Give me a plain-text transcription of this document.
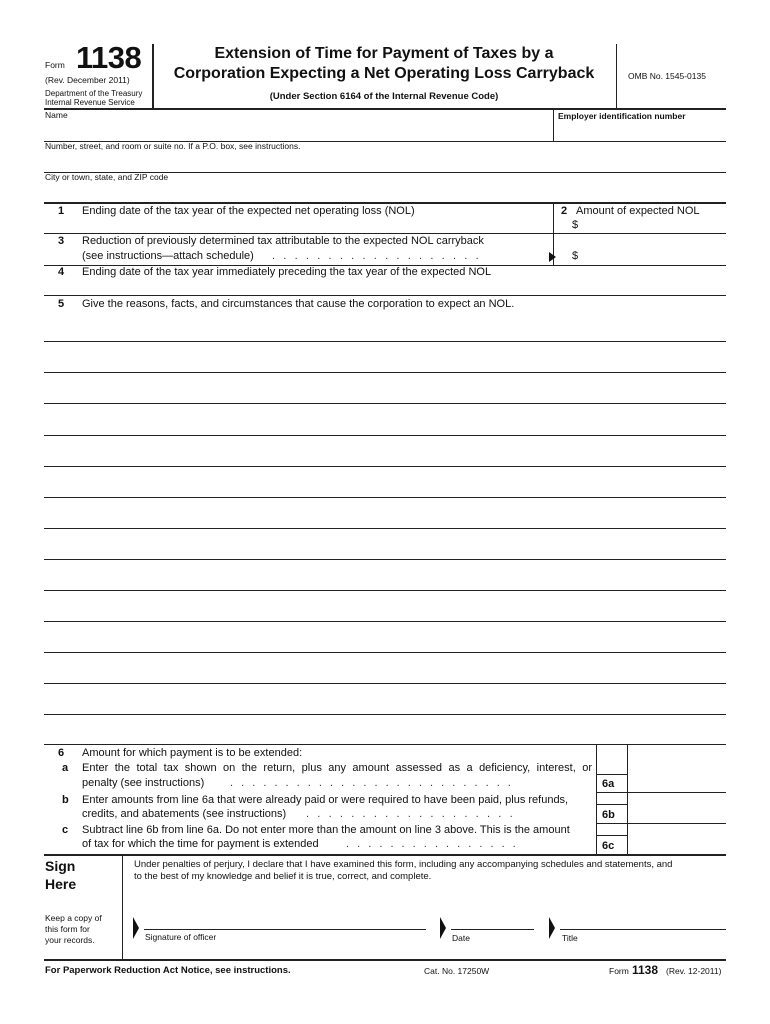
Form 1138
(Rev. December 2011)
Department of the Treasury
Internal Revenue Service
Extension of Time for Payment of Taxes by a
Corporation Expecting a Net Operating Loss Carryback
(Under Section 6164 of the Internal Revenue Code)
OMB No. 1545-0135
Name	Employer identification number
Number, street, and room or suite no. If a P.O. box, see instructions.
City or town, state, and ZIP code
1 Ending date of the tax year of the expected net operating loss (NOL)	2 Amount of expected NOL
$
3 Reduction of previously determined tax attributable to the expected NOL carryback
(see instructions—attach schedule) . . . . . . . . . . . . . . . . . . .	$
4 Ending date of the tax year immediately preceding the tax year of the expected NOL
5 Give the reasons, facts, and circumstances that cause the corporation to expect an NOL.
6 Amount for which payment is to be extended:
a Enter the total tax shown on the return, plus any amount assessed as a deficiency, interest, or
penalty (see instructions) . . . . . . . . . . . . . . . . . . . . . . . . . .	6a
b Enter amounts from line 6a that were already paid or were required to have been paid, plus refunds,
credits, and abatements (see instructions) . . . . . . . . . . . . . . . . . . .	6b
c Subtract line 6b from line 6a. Do not enter more than the amount on line 3 above. This is the amount
of tax for which the time for payment is extended . . . . . . . . . . . . . . . .	6c
Sign
Here
Under penalties of perjury, I declare that I have examined this form, including any accompanying schedules and statements, and
to the best of my knowledge and belief it is true, correct, and complete.
Keep a copy of
this form for
your records.	Signature of officer	Date	Title
For Paperwork Reduction Act Notice, see instructions.	Cat. No. 17250W	Form 1138 (Rev. 12-2011)
